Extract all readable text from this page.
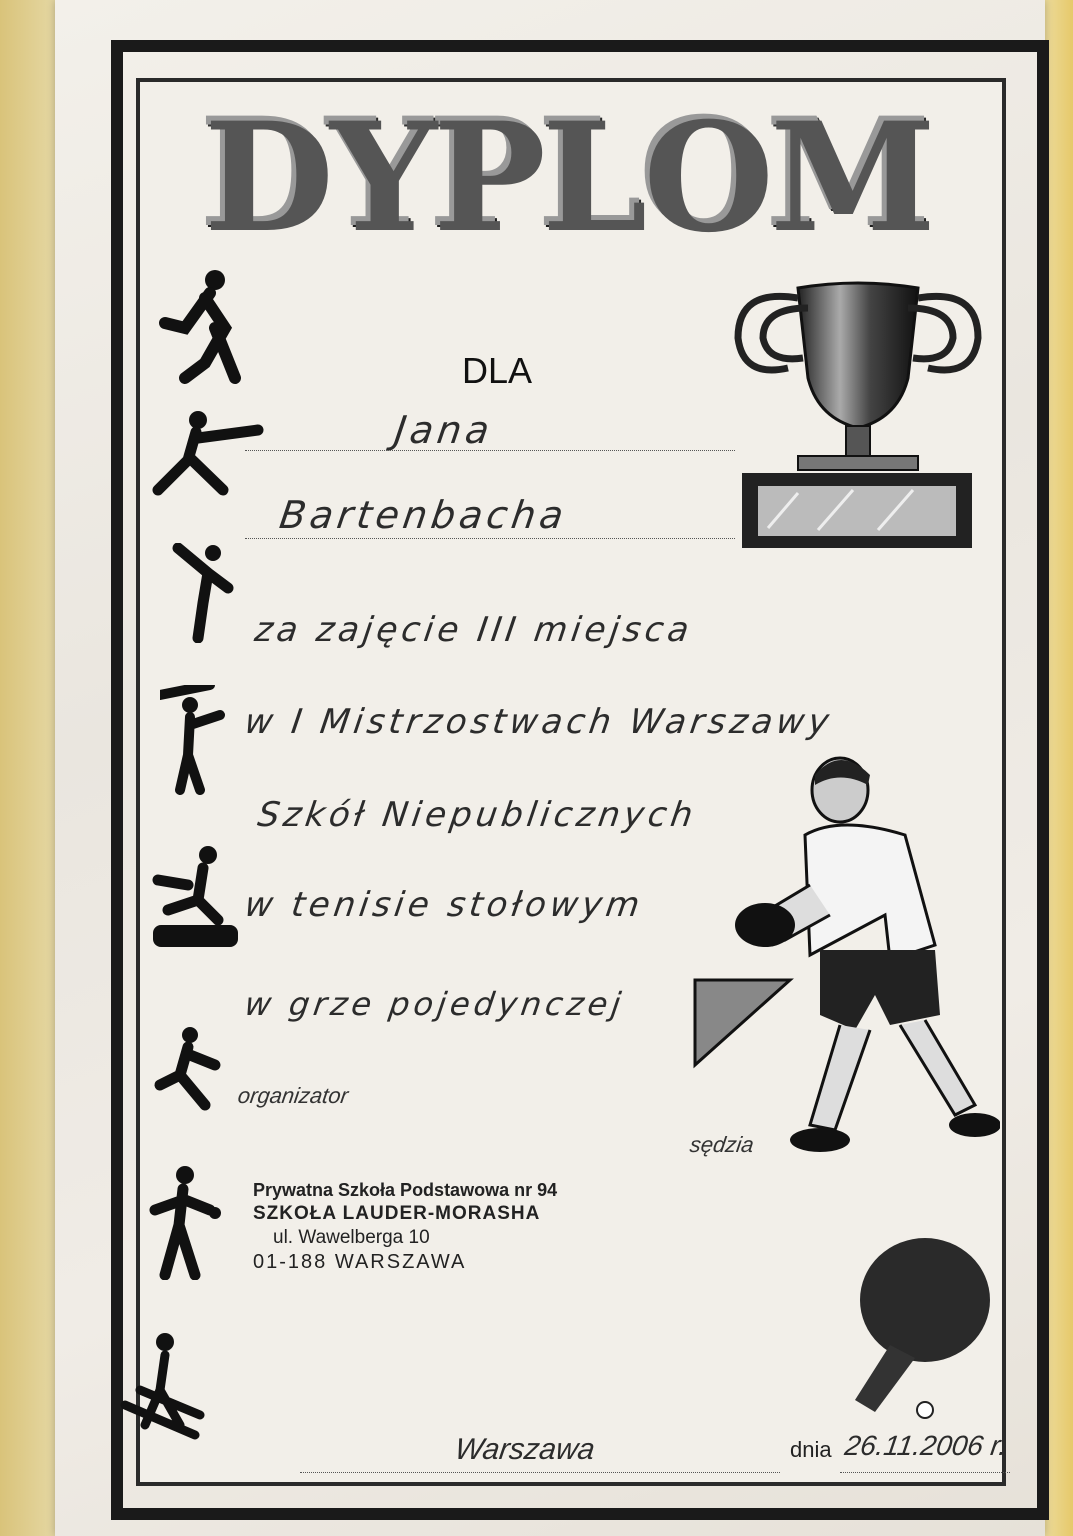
DYPLOM
DLA
Jana
Bartenbacha
za zajęcie III miejsca
w I Mistrzostwach Warszawy
Szkół Niepublicznych
w tenisie stołowym
w grze pojedynczej
organizator
sędzia
Prywatna Szkoła Podstawowa nr 94
SZKOŁA LAUDER-MORASHA
ul. Wawelberga 10
01-188 WARSZAWA
Warszawa	dnia 26.11.2006 r.
